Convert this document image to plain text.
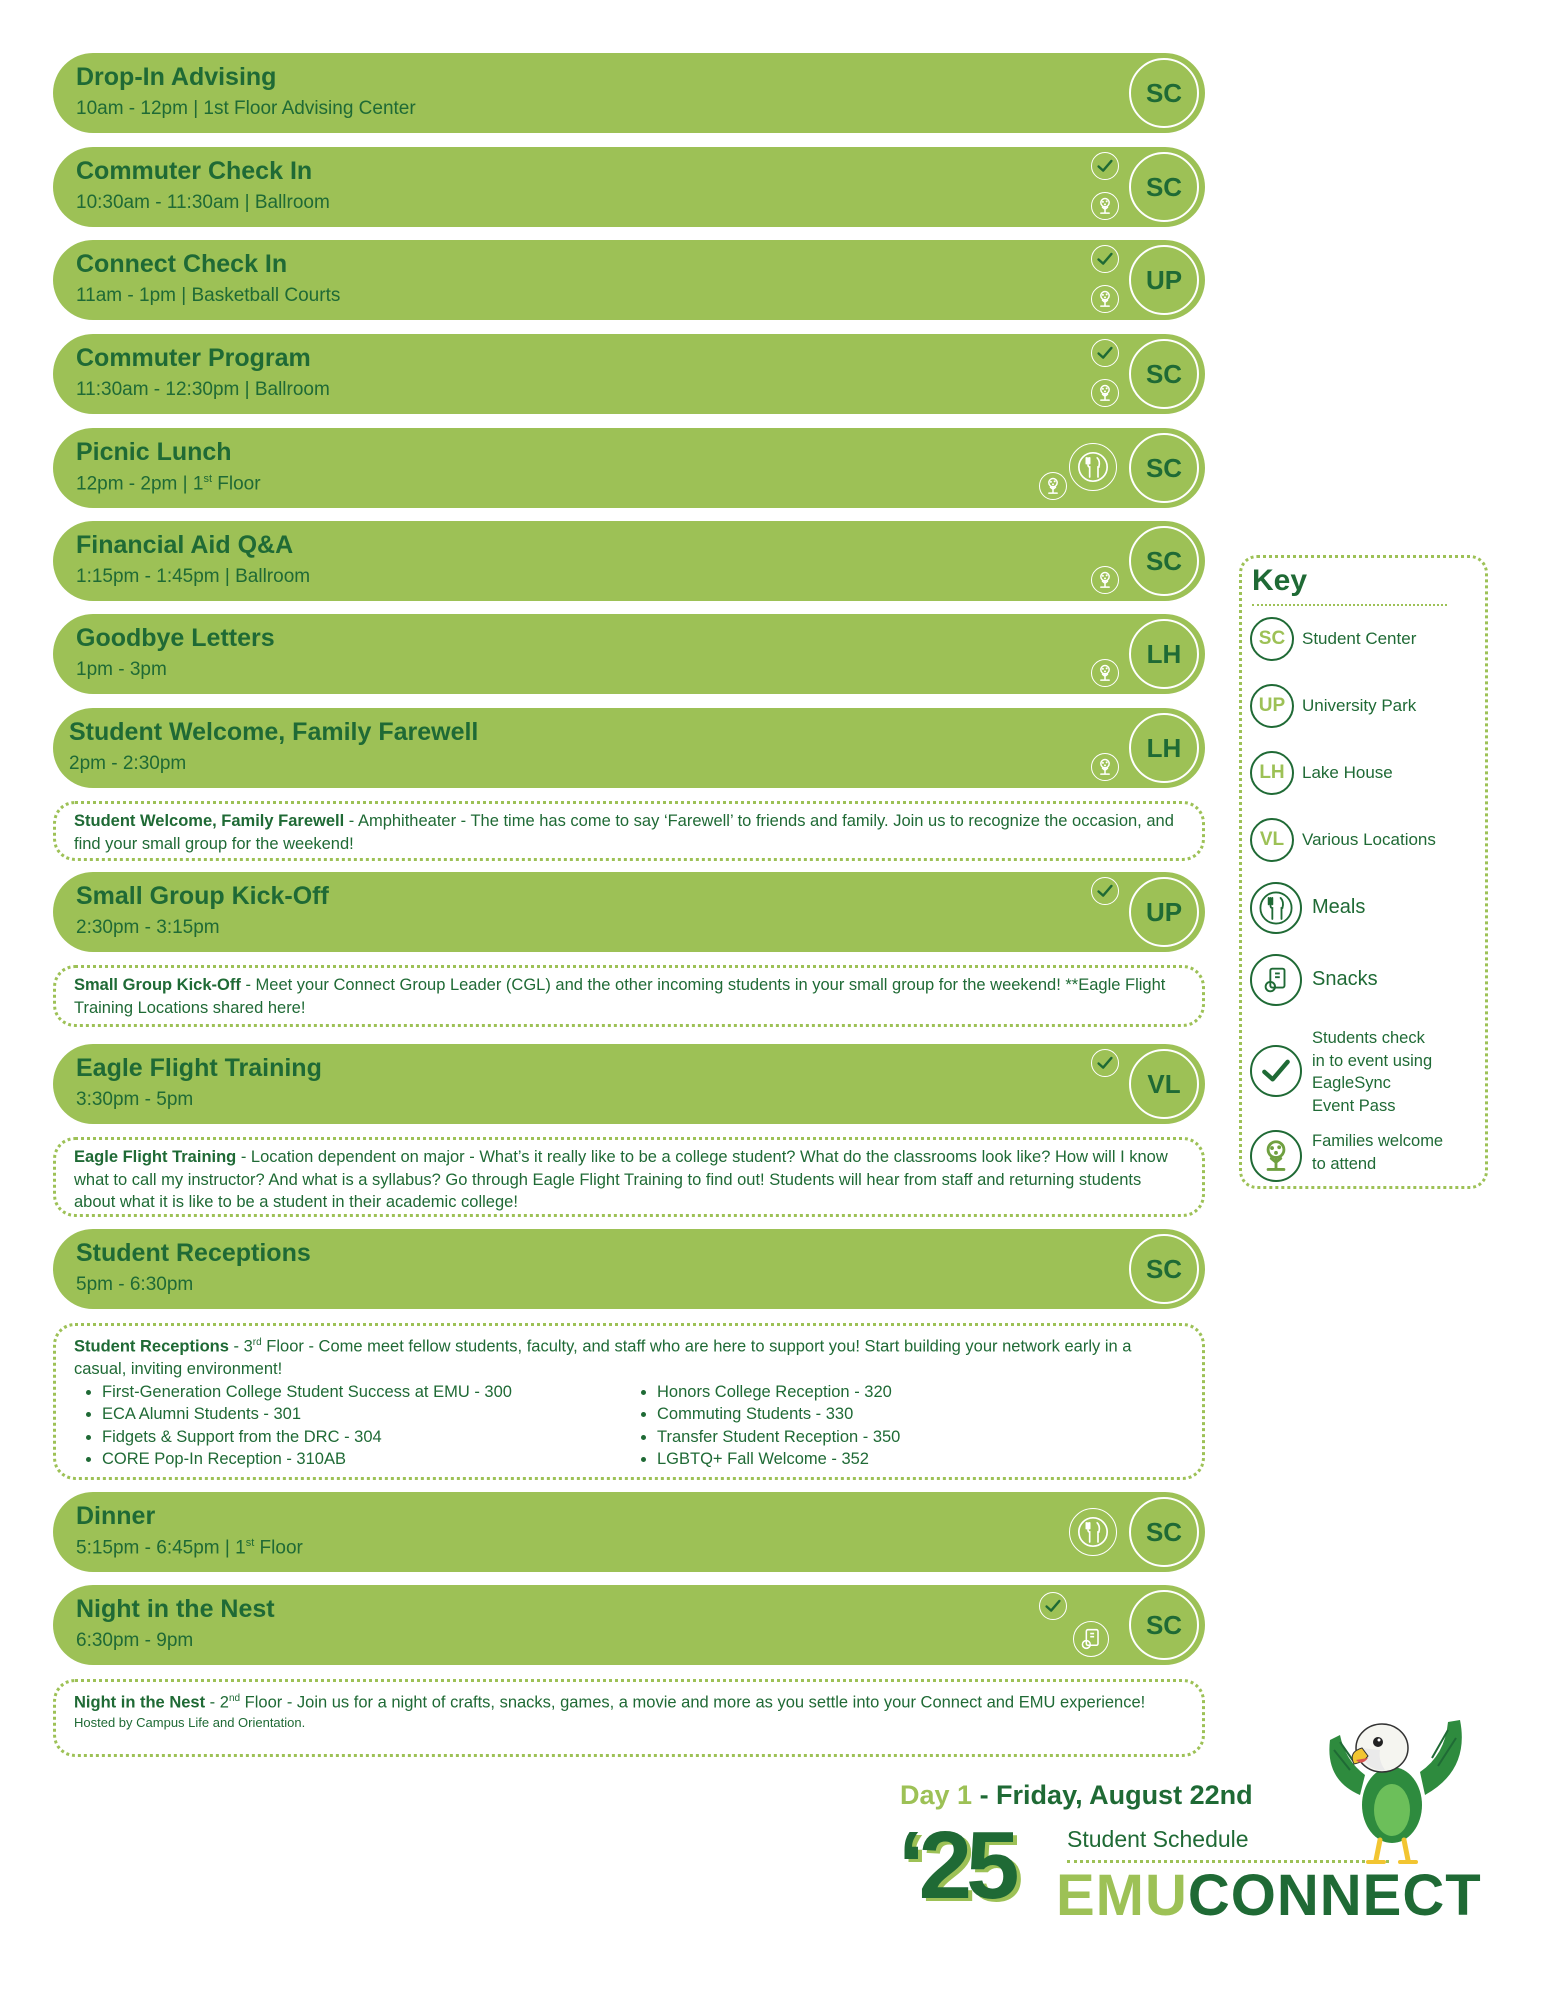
Drop-In Advising
10am - 12pm | 1st Floor Advising Center
SC
Commuter Check In
10:30am - 11:30am | Ballroom
SC
Connect Check In
11am - 1pm | Basketball Courts
UP
Commuter Program
11:30am - 12:30pm | Ballroom
SC
Picnic Lunch
12pm - 2pm | 1st Floor
SC
Financial Aid Q&A
1:15pm - 1:45pm | Ballroom
SC
Goodbye Letters
1pm - 3pm
LH
Student Welcome, Family Farewell
2pm - 2:30pm
LH
Student Welcome, Family Farewell - Amphitheater - The time has come to say ‘Farewell’ to friends and family. Join us to recognize the occasion, and find your small group for the weekend!
Small Group Kick-Off
2:30pm - 3:15pm
UP
Small Group Kick-Off - Meet your Connect Group Leader (CGL) and the other incoming students in your small group for the weekend! **Eagle Flight Training Locations shared here!
Eagle Flight Training
3:30pm - 5pm
VL
Eagle Flight Training - Location dependent on major - What’s it really like to be a college student? What do the classrooms look like? How will I know what to call my instructor? And what is a syllabus? Go through Eagle Flight Training to find out! Students will hear from staff and returning students about what it is like to be a student in their academic college!
Student Receptions
5pm - 6:30pm
SC
Student Receptions - 3rd Floor - Come meet fellow students, faculty, and staff who are here to support you! Start building your network early in a casual, inviting environment!
• First-Generation College Student Success at EMU - 300
• ECA Alumni Students - 301
• Fidgets & Support from the DRC - 304
• CORE Pop-In Reception - 310AB
• Honors College Reception - 320
• Commuting Students - 330
• Transfer Student Reception - 350
• LGBTQ+ Fall Welcome - 352
Dinner
5:15pm - 6:45pm | 1st Floor
SC
Night in the Nest
6:30pm - 9pm
SC
Night in the Nest - 2nd Floor - Join us for a night of crafts, snacks, games, a movie and more as you settle into your Connect and EMU experience!
Hosted by Campus Life and Orientation.
Key
SC Student Center
UP University Park
LH	Lake House
VL	Various Locations
Meals
Snacks
Students check
in to event using
EagleSync
Event Pass
Families welcome
to attend
Day 1 - Friday, August 22nd
‘25 Student Schedule
EMUCONNECT
